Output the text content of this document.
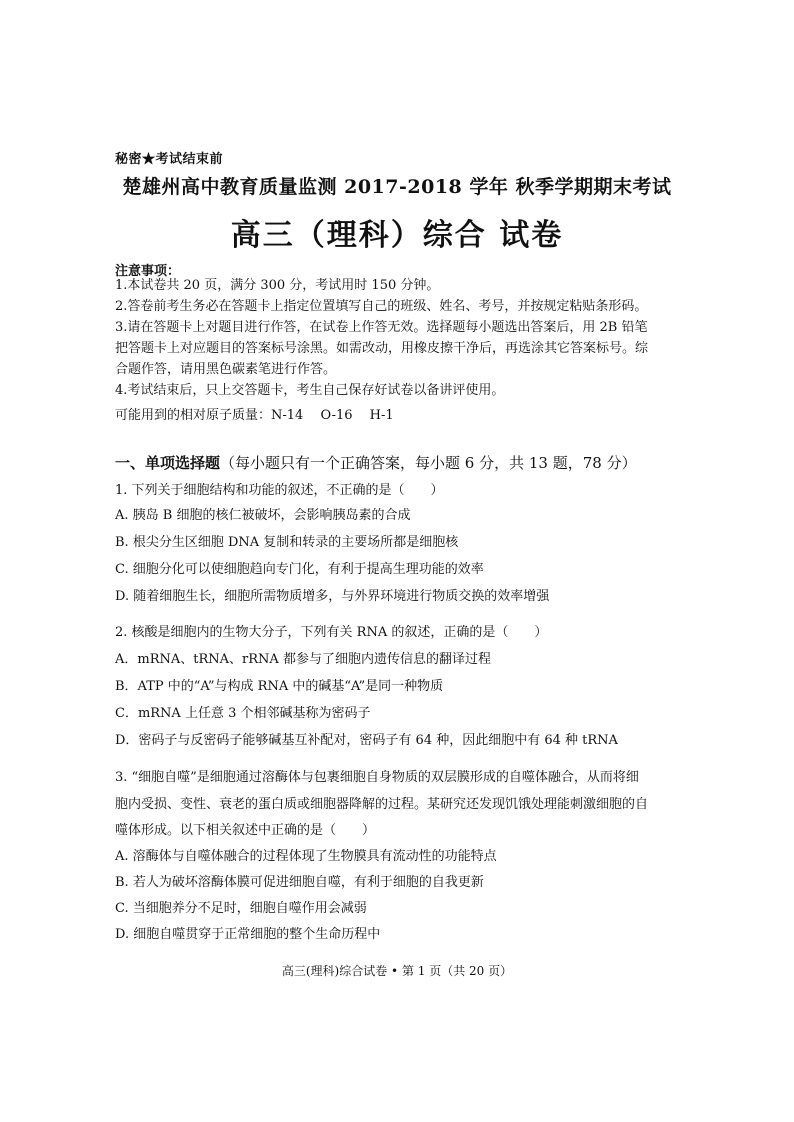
秘密★考试结束前
楚雄州高中教育质量监测 2017-2018 学年 秋季学期期末考试
高三（理科）综合 试卷
注意事项：
1.本试卷共 20 页，满分 300 分，考试用时 150 分钟。
2.答卷前考生务必在答题卡上指定位置填写自己的班级、姓名、考号，并按规定粘贴条形码。
3.请在答题卡上对题目进行作答，在试卷上作答无效。选择题每小题选出答案后，用 2B 铅笔
把答题卡上对应题目的答案标号涂黑。如需改动，用橡皮擦干净后，再选涂其它答案标号。综
合题作答，请用黑色碳素笔进行作答。
4.考试结束后，只上交答题卡，考生自己保存好试卷以备讲评使用。
可能用到的相对原子质量：N-14　 O-16　 H-1
一、单项选择题（每小题只有一个正确答案，每小题 6 分，共 13 题，78 分）
1. 下列关于细胞结构和功能的叙述，不正确的是（　　）
A. 胰岛 B 细胞的核仁被破坏，会影响胰岛素的合成
B. 根尖分生区细胞 DNA 复制和转录的主要场所都是细胞核
C. 细胞分化可以使细胞趋向专门化，有利于提高生理功能的效率
D. 随着细胞生长，细胞所需物质增多，与外界环境进行物质交换的效率增强
2. 核酸是细胞内的生物大分子，下列有关 RNA 的叙述，正确的是（　　）
A．mRNA、tRNA、rRNA 都参与了细胞内遗传信息的翻译过程
B．ATP 中的“A”与构成 RNA 中的碱基“A”是同一种物质
C．mRNA 上任意 3 个相邻碱基称为密码子
D．密码子与反密码子能够碱基互补配对，密码子有 64 种，因此细胞中有 64 种 tRNA
3. “细胞自噬”是细胞通过溶酶体与包裹细胞自身物质的双层膜形成的自噬体融合，从而将细
胞内受损、变性、衰老的蛋白质或细胞器降解的过程。某研究还发现饥饿处理能刺激细胞的自
噬体形成。以下相关叙述中正确的是（　　）
A. 溶酶体与自噬体融合的过程体现了生物膜具有流动性的功能特点
B. 若人为破坏溶酶体膜可促进细胞自噬，有利于细胞的自我更新
C. 当细胞养分不足时，细胞自噬作用会减弱
D. 细胞自噬贯穿于正常细胞的整个生命历程中
高三(理科)综合试卷 • 第 1 页（共 20 页）
